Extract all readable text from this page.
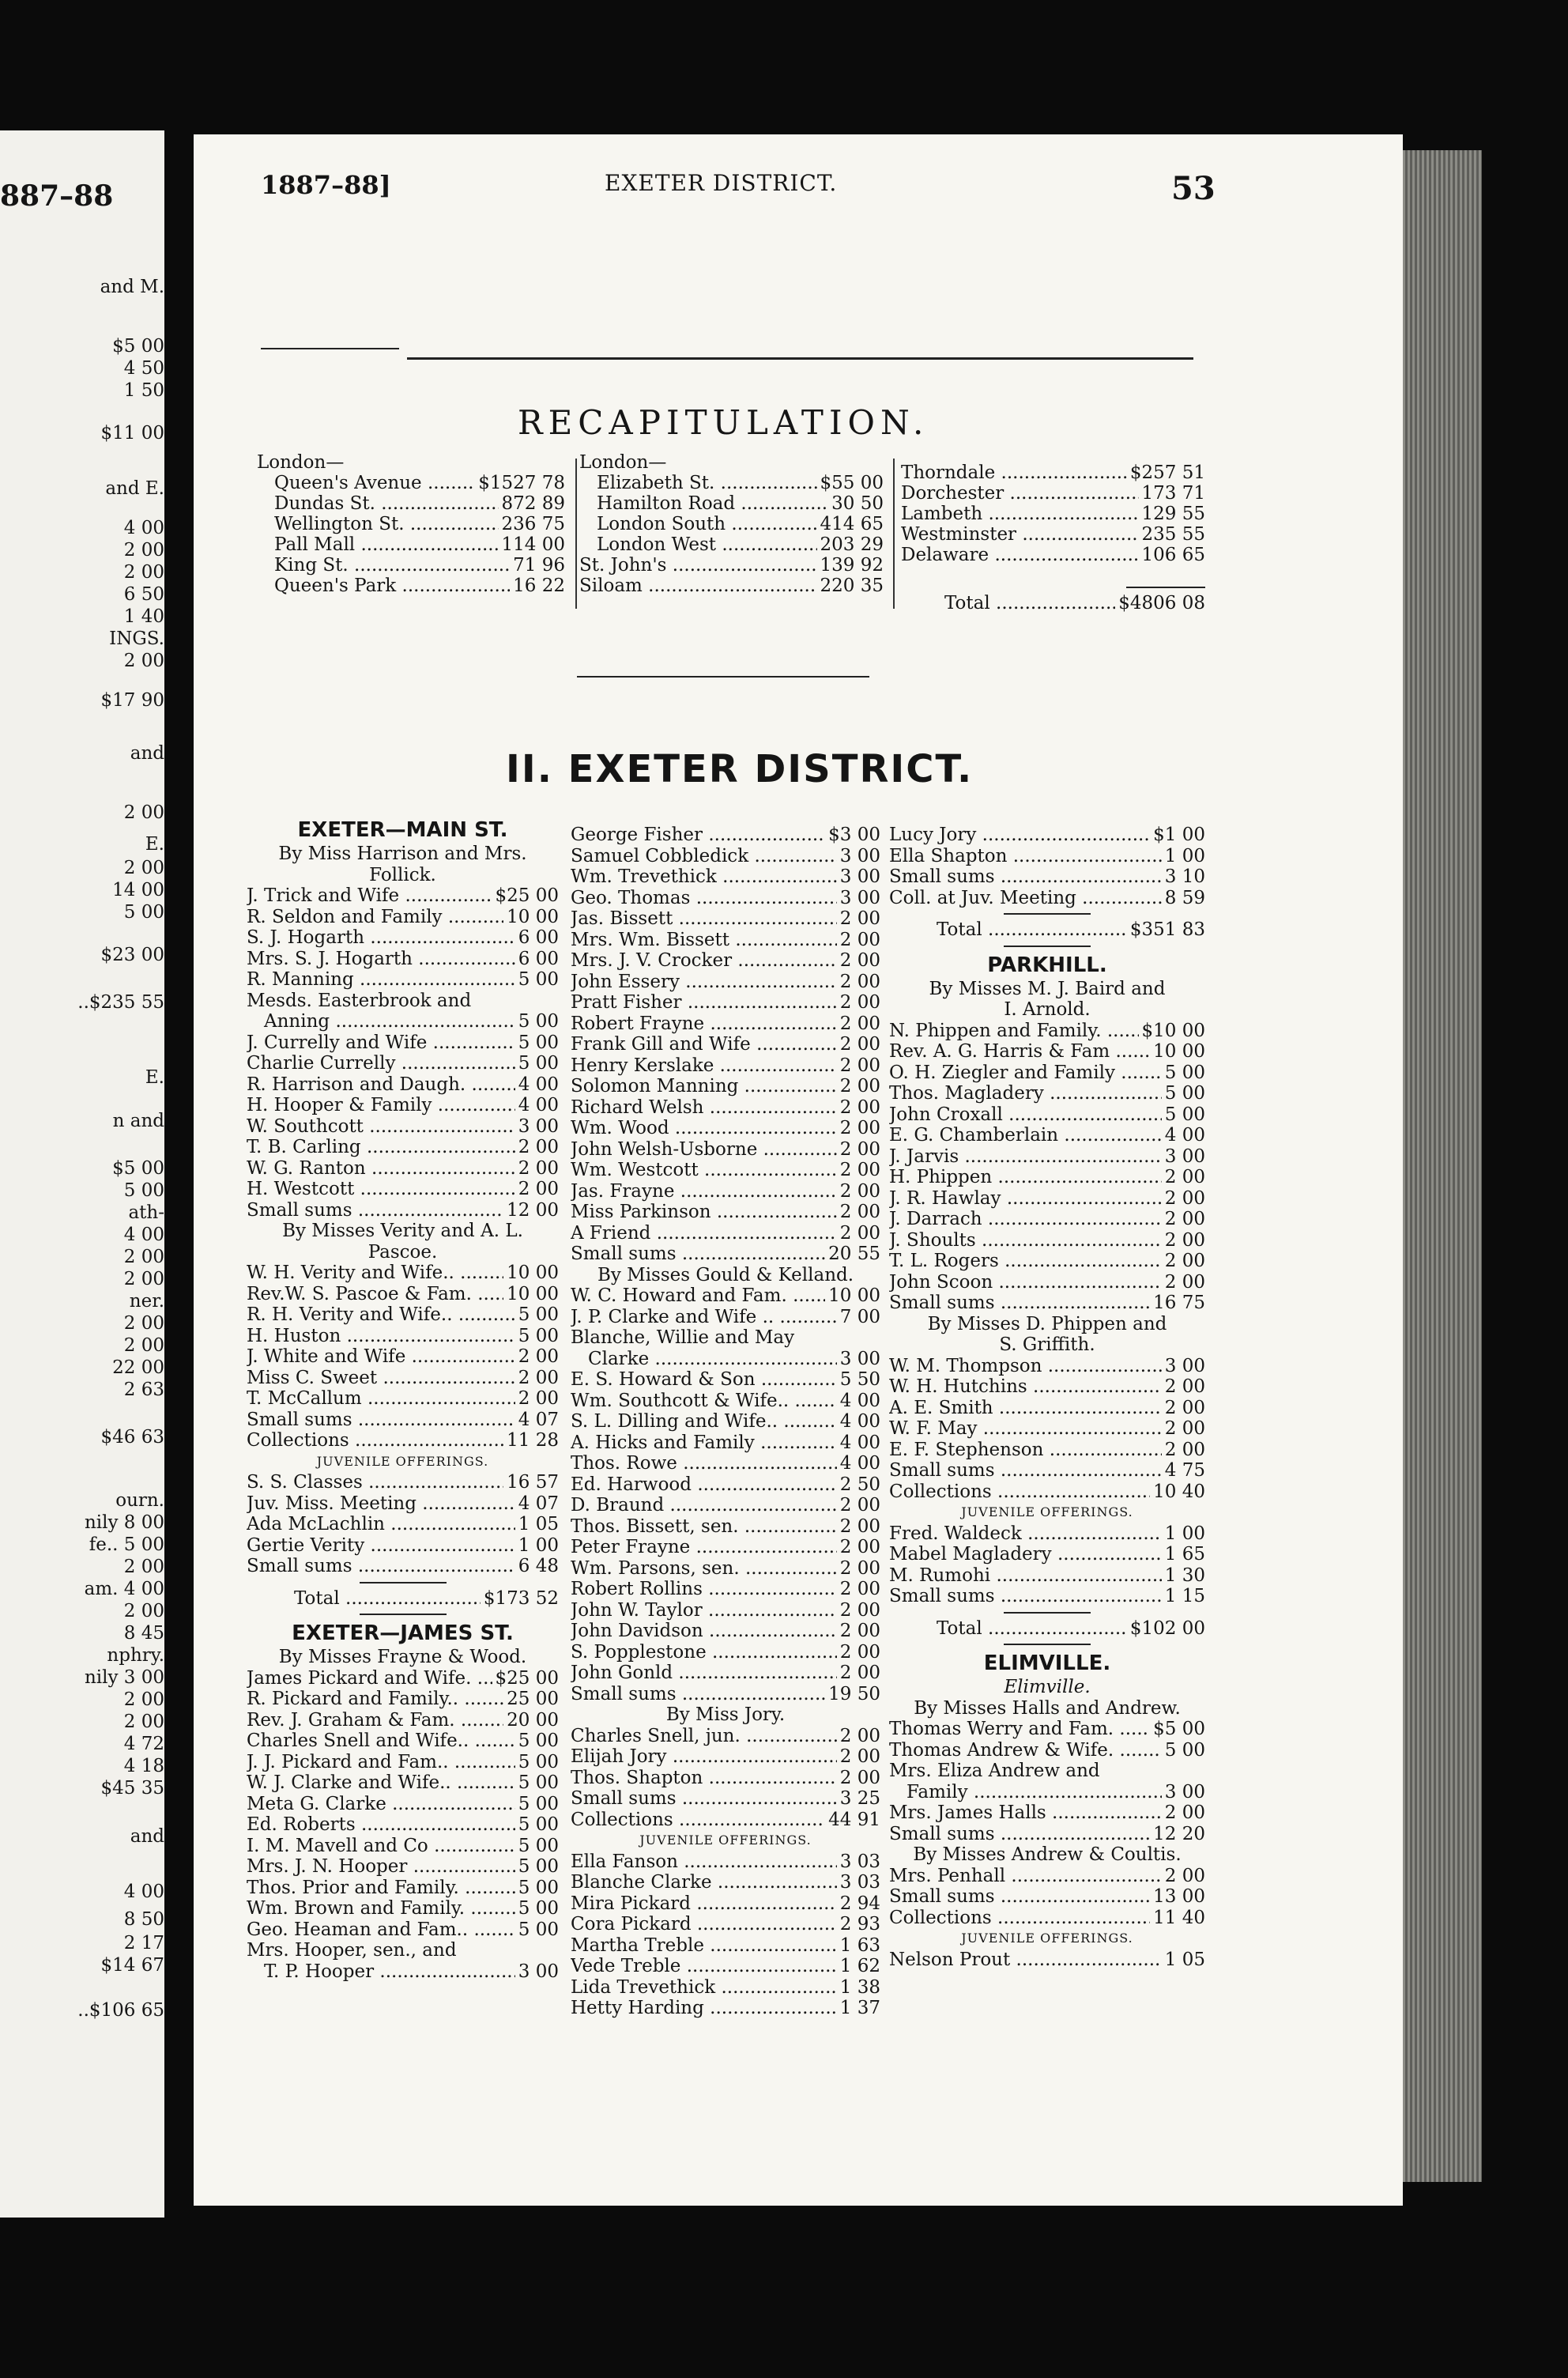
887–88
and M.
$5 00
4 50
1 50
$11 00
and E.
4 00
2 00
2 00
6 50
1 40
INGS.
2 00
$17 90
and
2 00
E.
2 00
14 00
5 00
$23 00
..$235 55
E.
n and
$5 00
5 00
ath-
4 00
2 00
2 00
ner.
2 00
2 00
22 00
2 63
$46 63
ourn.
nily 8 00
fe.. 5 00
2 00
am. 4 00
2 00
8 45
nphry.
nily 3 00
2 00
2 00
4 72
4 18
$45 35
and
4 00
8 50
2 17
$14 67
..$106 65
1887–88]	EXETER DISTRICT.	53
RECAPITULATION.
London—
Queen's Avenue .....	$1527 78
Dundas St. .....	872 89
Wellington St. .....	236 75
Pall Mall .....	114 00
King St. .....	71 96
Queen's Park .....	16 22
London—
Elizabeth St. .....	$55 00
Hamilton Road .....	30 50
London South .....	414 65
London West .....	203 29
St. John's .....	139 92
Siloam .....	220 35
Thorndale .....	$257 51
Dorchester .....	173 71
Lambeth .....	129 55
Westminster .....	235 55
Delaware .....	106 65
Total .....	$4806 08
II. EXETER DISTRICT.
EXETER—MAIN ST.
By Miss Harrison and Mrs.
Follick.
J. Trick and Wife .....	$25 00
R. Seldon and Family .....	10 00
S. J. Hogarth .....	6 00
Mrs. S. J. Hogarth .....	6 00
R. Manning .....	5 00
Mesds. Easterbrook and
Anning .....	5 00
J. Currelly and Wife .....	5 00
Charlie Currelly .....	5 00
R. Harrison and Daugh. .....	4 00
H. Hooper & Family .....	4 00
W. Southcott .....	3 00
T. B. Carling .....	2 00
W. G. Ranton .....	2 00
H. Westcott .....	2 00
Small sums .....	12 00
By Misses Verity and A. L.
Pascoe.
W. H. Verity and Wife.. .....	10 00
Rev.W. S. Pascoe & Fam. .....	10 00
R. H. Verity and Wife.. .....	5 00
H. Huston .....	5 00
J. White and Wife .....	2 00
Miss C. Sweet .....	2 00
T. McCallum .....	2 00
Small sums .....	4 07
Collections .....	11 28
JUVENILE OFFERINGS.
S. S. Classes .....	16 57
Juv. Miss. Meeting .....	4 07
Ada McLachlin .....	1 05
Gertie Verity .....	1 00
Small sums .....	6 48
Total .....	$173 52
EXETER—JAMES ST.
By Misses Frayne & Wood.
James Pickard and Wife. .....	$25 00
R. Pickard and Family.. .....	25 00
Rev. J. Graham & Fam. .....	20 00
Charles Snell and Wife.. .....	5 00
J. J. Pickard and Fam.. .....	5 00
W. J. Clarke and Wife.. .....	5 00
Meta G. Clarke .....	5 00
Ed. Roberts .....	5 00
I. M. Mavell and Co .....	5 00
Mrs. J. N. Hooper .....	5 00
Thos. Prior and Family. .....	5 00
Wm. Brown and Family. .....	5 00
Geo. Heaman and Fam.. .....	5 00
Mrs. Hooper, sen., and
T. P. Hooper .....	3 00
George Fisher .....	$3 00
Samuel Cobbledick .....	3 00
Wm. Trevethick .....	3 00
Geo. Thomas .....	3 00
Jas. Bissett .....	2 00
Mrs. Wm. Bissett .....	2 00
Mrs. J. V. Crocker .....	2 00
John Essery .....	2 00
Pratt Fisher .....	2 00
Robert Frayne .....	2 00
Frank Gill and Wife .....	2 00
Henry Kerslake .....	2 00
Solomon Manning .....	2 00
Richard Welsh .....	2 00
Wm. Wood .....	2 00
John Welsh-Usborne .....	2 00
Wm. Westcott .....	2 00
Jas. Frayne .....	2 00
Miss Parkinson .....	2 00
A Friend .....	2 00
Small sums .....	20 55
By Misses Gould & Kelland.
W. C. Howard and Fam. .....	10 00
J. P. Clarke and Wife .. .....	7 00
Blanche, Willie and May
Clarke .....	3 00
E. S. Howard & Son .....	5 50
Wm. Southcott & Wife.. .....	4 00
S. L. Dilling and Wife.. .....	4 00
A. Hicks and Family .....	4 00
Thos. Rowe .....	4 00
Ed. Harwood .....	2 50
D. Braund .....	2 00
Thos. Bissett, sen. .....	2 00
Peter Frayne .....	2 00
Wm. Parsons, sen. .....	2 00
Robert Rollins .....	2 00
John W. Taylor .....	2 00
John Davidson .....	2 00
S. Popplestone .....	2 00
John Gonld .....	2 00
Small sums .....	19 50
By Miss Jory.
Charles Snell, jun. .....	2 00
Elijah Jory .....	2 00
Thos. Shapton .....	2 00
Small sums .....	3 25
Collections .....	44 91
JUVENILE OFFERINGS.
Ella Fanson .....	3 03
Blanche Clarke .....	3 03
Mira Pickard .....	2 94
Cora Pickard .....	2 93
Martha Treble .....	1 63
Vede Treble .....	1 62
Lida Trevethick .....	1 38
Hetty Harding .....	1 37
Lucy Jory .....	$1 00
Ella Shapton .....	1 00
Small sums .....	3 10
Coll. at Juv. Meeting .....	8 59
Total .....	$351 83
PARKHILL.
By Misses M. J. Baird and
I. Arnold.
N. Phippen and Family. .....	$10 00
Rev. A. G. Harris & Fam .....	10 00
O. H. Ziegler and Family .....	5 00
Thos. Magladery .....	5 00
John Croxall .....	5 00
E. G. Chamberlain .....	4 00
J. Jarvis .....	3 00
H. Phippen .....	2 00
J. R. Hawlay .....	2 00
J. Darrach .....	2 00
J. Shoults .....	2 00
T. L. Rogers .....	2 00
John Scoon .....	2 00
Small sums .....	16 75
By Misses D. Phippen and
S. Griffith.
W. M. Thompson .....	3 00
W. H. Hutchins .....	2 00
A. E. Smith .....	2 00
W. F. May .....	2 00
E. F. Stephenson .....	2 00
Small sums .....	4 75
Collections .....	10 40
JUVENILE OFFERINGS.
Fred. Waldeck .....	1 00
Mabel Magladery .....	1 65
M. Rumohi .....	1 30
Small sums .....	1 15
Total .....	$102 00
ELIMVILLE.
Elimville.
By Misses Halls and Andrew.
Thomas Werry and Fam. .....	$5 00
Thomas Andrew & Wife. .....	5 00
Mrs. Eliza Andrew and
Family .....	3 00
Mrs. James Halls .....	2 00
Small sums .....	12 20
By Misses Andrew & Coultis.
Mrs. Penhall .....	2 00
Small sums .....	13 00
Collections .....	11 40
JUVENILE OFFERINGS.
Nelson Prout .....	1 05
